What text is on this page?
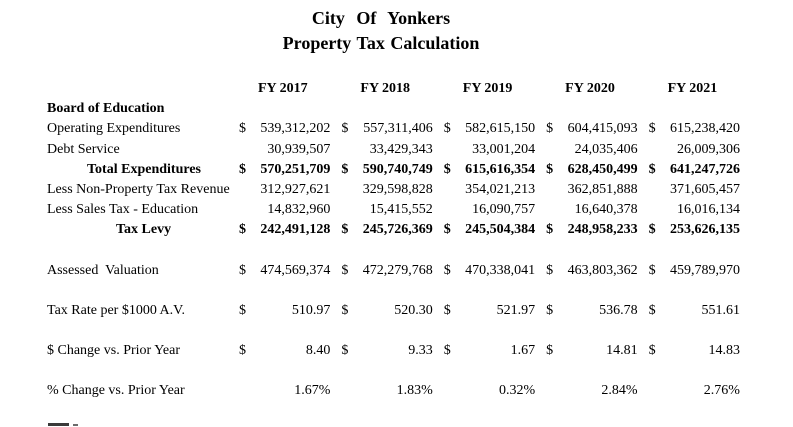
City Of Yonkers
Property Tax Calculation
FY 2017	FY 2018	FY 2019	FY 2020	FY 2021
Board of Education
Operating Expenditures	$ 539,312,202 $ 557,311,406 $ 582,615,150 $ 604,415,093 $ 615,238,420
Debt Service	30,939,507	33,429,343	33,001,204	24,035,406	26,009,306
Total Expenditures	$ 570,251,709 $ 590,740,749 $ 615,616,354 $ 628,450,499 $ 641,247,726
Less Non-Property Tax Revenue	312,927,621 329,598,828 354,021,213 362,851,888 371,605,457
Less Sales Tax - Education	14,832,960	15,415,552	16,090,757	16,640,378	16,016,134
Tax Levy	$ 242,491,128 $ 245,726,369 $ 245,504,384 $ 248,958,233 $ 253,626,135
Assessed  Valuation	$ 474,569,374 $ 472,279,768 $ 470,338,041 $ 463,803,362 $ 459,789,970
Tax Rate per $1000 A.V.	$	510.97 $	520.30 $	521.97 $	536.78 $	551.61
$ Change vs. Prior Year	$	8.40 $	9.33 $	1.67 $	14.81 $	14.83
% Change vs. Prior Year	1.67%	1.83%	0.32%	2.84%	2.76%
